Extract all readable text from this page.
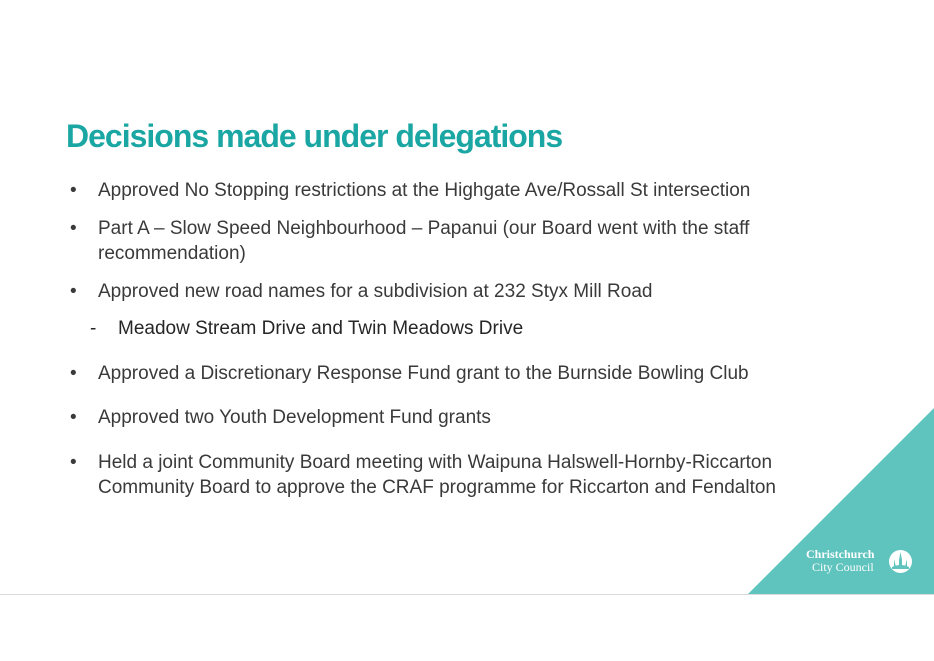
Decisions made under delegations
• Approved No Stopping restrictions at the Highgate Ave/Rossall St intersection
• Part A – Slow Speed Neighbourhood – Papanui (our Board went with the staff recommendation)
• Approved new road names for a subdivision at 232 Styx Mill Road
- Meadow Stream Drive and Twin Meadows Drive
• Approved a Discretionary Response Fund grant to the Burnside Bowling Club
• Approved two Youth Development Fund grants
• Held a joint Community Board meeting with Waipuna Halswell-Hornby-Riccarton Community Board to approve the CRAF programme for Riccarton and Fendalton
Christchurch
City Council
